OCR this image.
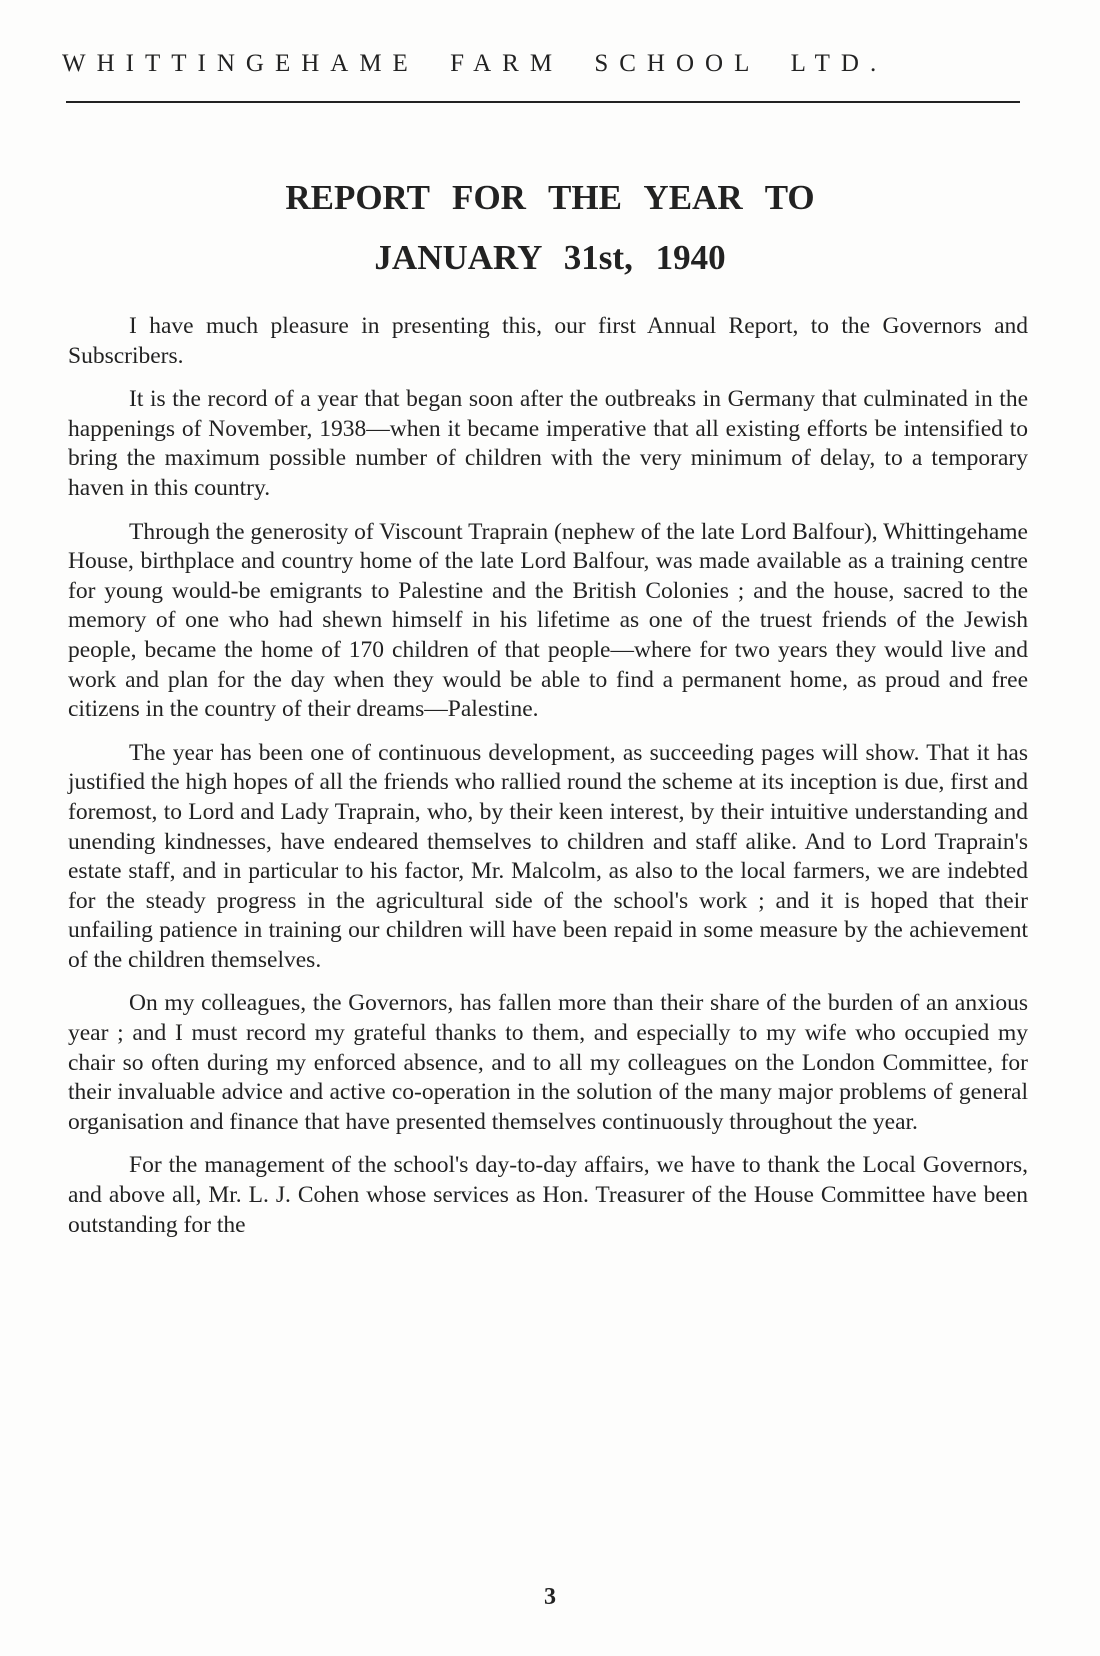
WHITTINGEHAME FARM SCHOOL LTD.
REPORT FOR THE YEAR TO
JANUARY 31st, 1940

I have much pleasure in presenting this, our first Annual Report, to the Governors and Subscribers.

It is the record of a year that began soon after the outbreaks in Germany that culminated in the happenings of November, 1938—when it became imperative that all existing efforts be intensified to bring the maximum possible number of children with the very minimum of delay, to a temporary haven in this country.

Through the generosity of Viscount Traprain (nephew of the late Lord Balfour), Whittingehame House, birthplace and country home of the late Lord Balfour, was made available as a training centre for young would-be emigrants to Palestine and the British Colonies ; and the house, sacred to the memory of one who had shewn himself in his lifetime as one of the truest friends of the Jewish people, became the home of 170 children of that people—where for two years they would live and work and plan for the day when they would be able to find a permanent home, as proud and free citizens in the country of their dreams—Palestine.

The year has been one of continuous development, as succeeding pages will show. That it has justified the high hopes of all the friends who rallied round the scheme at its inception is due, first and foremost, to Lord and Lady Traprain, who, by their keen interest, by their intuitive understanding and unending kindnesses, have endeared themselves to children and staff alike. And to Lord Traprain's estate staff, and in particular to his factor, Mr. Malcolm, as also to the local farmers, we are indebted for the steady progress in the agricultural side of the school's work ; and it is hoped that their unfailing patience in training our children will have been repaid in some measure by the achievement of the children themselves.

On my colleagues, the Governors, has fallen more than their share of the burden of an anxious year ; and I must record my grateful thanks to them, and especially to my wife who occupied my chair so often during my enforced absence, and to all my colleagues on the London Committee, for their invaluable advice and active co-operation in the solution of the many major problems of general organisation and finance that have presented themselves continuously throughout the year.

For the management of the school's day-to-day affairs, we have to thank the Local Governors, and above all, Mr. L. J. Cohen whose services as Hon. Treasurer of the House Committee have been outstanding for the

3
